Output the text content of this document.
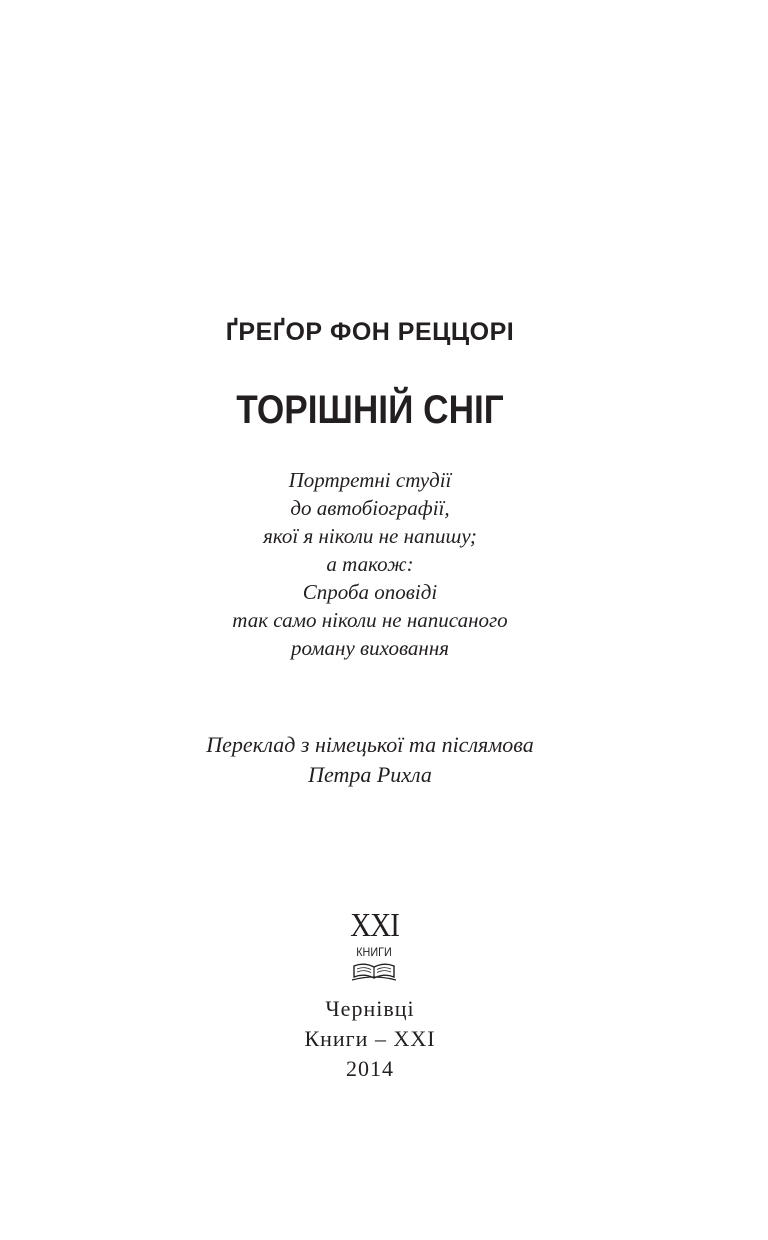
ҐРЕҐОР ФОН РЕЦЦОРІ
ТОРІШНІЙ СНІГ
Портретні студії
до автобіографії,
якої я ніколи не напишу;
а також:
Спроба оповіді
так само ніколи не написаного
роману виховання
Переклад з німецької та післямова
Петра Рихла
XXI
КНИГИ
Чернівці
Книги – XXI
2014
